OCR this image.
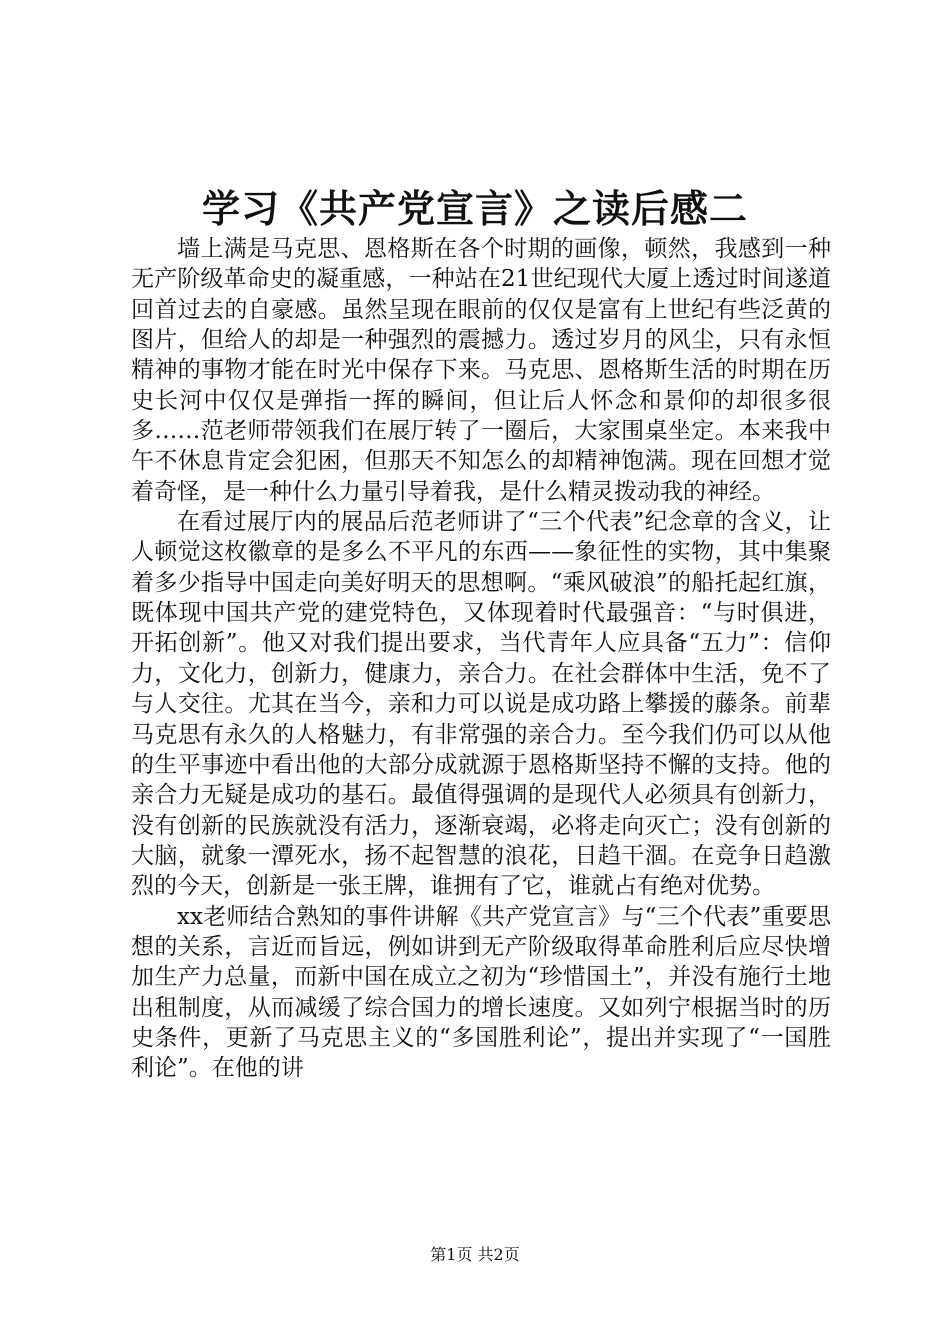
学习《共产党宣言》之读后感二

墙上满是马克思、恩格斯在各个时期的画像，顿然，我感到一种无产阶级革命史的凝重感，一种站在21世纪现代大厦上透过时间遂道回首过去的自豪感。虽然呈现在眼前的仅仅是富有上世纪有些泛黄的图片，但给人的却是一种强烈的震撼力。透过岁月的风尘，只有永恒精神的事物才能在时光中保存下来。马克思、恩格斯生活的时期在历史长河中仅仅是弹指一挥的瞬间，但让后人怀念和景仰的却很多很多……范老师带领我们在展厅转了一圈后，大家围桌坐定。本来我中午不休息肯定会犯困，但那天不知怎么的却精神饱满。现在回想才觉着奇怪，是一种什么力量引导着我，是什么精灵拨动我的神经。

在看过展厅内的展品后范老师讲了“三个代表”纪念章的含义，让人顿觉这枚徽章的是多么不平凡的东西——象征性的实物，其中集聚着多少指导中国走向美好明天的思想啊。“乘风破浪”的船托起红旗，既体现中国共产党的建党特色，又体现着时代最强音：“与时俱进，开拓创新”。他又对我们提出要求，当代青年人应具备“五力”：信仰力，文化力，创新力，健康力，亲合力。在社会群体中生活，免不了与人交往。尤其在当今，亲和力可以说是成功路上攀援的藤条。前辈马克思有永久的人格魅力，有非常强的亲合力。至今我们仍可以从他的生平事迹中看出他的大部分成就源于恩格斯坚持不懈的支持。他的亲合力无疑是成功的基石。最值得强调的是现代人必须具有创新力，没有创新的民族就没有活力，逐渐衰竭，必将走向灭亡；没有创新的大脑，就象一潭死水，扬不起智慧的浪花，日趋干涸。在竞争日趋激烈的今天，创新是一张王牌，谁拥有了它，谁就占有绝对优势。

xx老师结合熟知的事件讲解《共产党宣言》与“三个代表”重要思想的关系，言近而旨远，例如讲到无产阶级取得革命胜利后应尽快增加生产力总量，而新中国在成立之初为“珍惜国土”，并没有施行土地出租制度，从而减缓了综合国力的增长速度。又如列宁根据当时的历史条件，更新了马克思主义的“多国胜利论”，提出并实现了“一国胜利论”。在他的讲

第1页 共2页
